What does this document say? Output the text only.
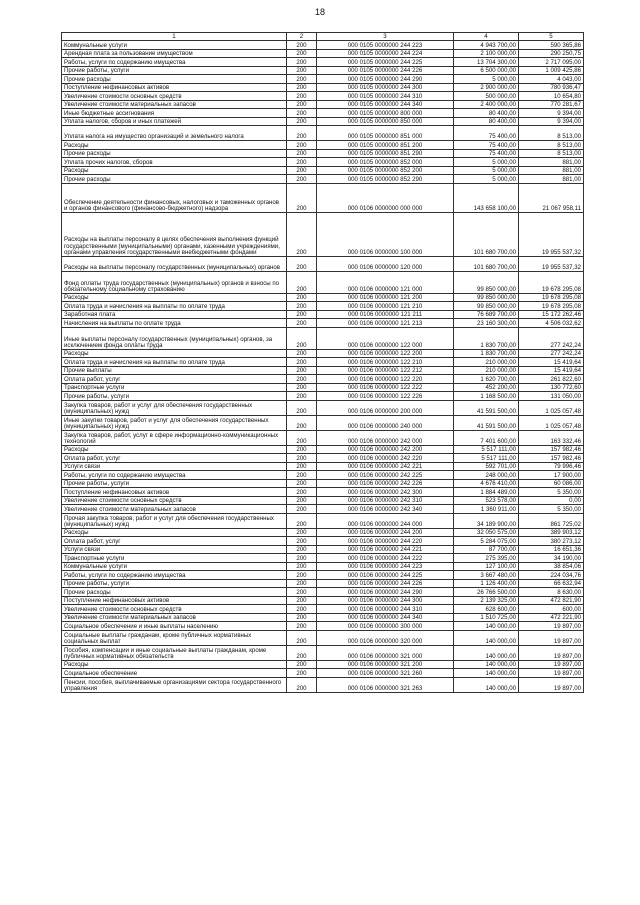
18
1	2	3	4	5
Коммунальные услуги	200	000 0105 0000000 244 223	4 943 700,00	590 365,86
Арендная плата за пользование имуществом	200	000 0105 0000000 244 224	2 100 000,00	290 250,75
Работы, услуги по содержанию имущества	200	000 0105 0000000 244 225	13 704 300,00	2 717 095,00
Прочие работы, услуги	200	000 0105 0000000 244 226	6 500 000,00	1 009 425,86
Прочие расходы	200	000 0105 0000000 244 290	5 000,00	4 043,00
Поступление нефинансовых активов	200	000 0105 0000000 244 300	2 900 000,00	780 936,47
Увеличение стоимости основных средств	200	000 0105 0000000 244 310	500 000,00	10 654,80
Увеличение стоимости материальных запасов	200	000 0105 0000000 244 340	2 400 000,00	770 281,67
Иные бюджетные ассигнования	200	000 0105 0000000 800 000	80 400,00	9 394,00
Уплата налогов, сборов и иных платежей	200	000 0105 0000000 850 000	80 400,00	9 394,00
Уплата налога на имущество организаций и земельного налога	200	000 0105 0000000 851 000	75 400,00	8 513,00
Расходы	200	000 0105 0000000 851 200	75 400,00	8 513,00
Прочие расходы	200	000 0105 0000000 851 290	75 400,00	8 513,00
Уплата прочих налогов, сборов	200	000 0105 0000000 852 000	5 000,00	881,00
Расходы	200	000 0105 0000000 852 200	5 000,00	881,00
Прочие расходы	200	000 0105 0000000 852 290	5 000,00	881,00
Обеспечение деятельности финансовых, налоговых и таможенных органов и органов финансового (финансово-бюджетного) надзора	200	000 0106 0000000 000 000	143 658 100,00	21 067 958,11
Расходы на выплаты персоналу в целях обеспечения выполнения функций государственными (муниципальными) органами, казенными учреждениями, органами управления государственными внебюджетными фондами	200	000 0106 0000000 100 000	101 680 700,00	19 955 537,32
Расходы на выплаты персоналу государственных (муниципальных) органов	200	000 0106 0000000 120 000	101 680 700,00	19 955 537,32
Фонд оплаты труда государственных (муниципальных) органов и взносы по обязательному социальному страхованию	200	000 0106 0000000 121 000	99 850 000,00	19 678 295,08
Расходы	200	000 0106 0000000 121 200	99 850 000,00	19 678 295,08
Оплата труда и начисления на выплаты по оплате труда	200	000 0106 0000000 121 210	99 850 000,00	19 678 295,08
Заработная плата	200	000 0106 0000000 121 211	76 689 700,00	15 172 262,46
Начисления на выплаты по оплате труда	200	000 0106 0000000 121 213	23 160 300,00	4 506 032,62
Иные выплаты персоналу государственных (муниципальных) органов, за исключением фонда оплаты труда	200	000 0106 0000000 122 000	1 830 700,00	277 242,24
Расходы	200	000 0106 0000000 122 200	1 830 700,00	277 242,24
Оплата труда и начисления на выплаты по оплате труда	200	000 0106 0000000 122 210	210 000,00	15 419,64
Прочие выплаты	200	000 0106 0000000 122 212	210 000,00	15 419,64
Оплата работ, услуг	200	000 0106 0000000 122 220	1 620 700,00	261 822,60
Транспортные услуги	200	000 0106 0000000 122 222	452 200,00	130 772,60
Прочие работы, услуги	200	000 0106 0000000 122 226	1 168 500,00	131 050,00
Закупка товаров, работ и услуг для обеспечения государственных (муниципальных) нужд	200	000 0106 0000000 200 000	41 591 500,00	1 025 057,48
Иные закупки товаров, работ и услуг для обеспечения государственных (муниципальных) нужд	200	000 0106 0000000 240 000	41 591 500,00	1 025 057,48
Закупка товаров, работ, услуг в сфере информационно-коммуникационных технологий	200	000 0106 0000000 242 000	7 401 600,00	163 332,46
Расходы	200	000 0106 0000000 242 200	5 517 111,00	157 982,46
Оплата работ, услуг	200	000 0106 0000000 242 220	5 517 111,00	157 982,46
Услуги связи	200	000 0106 0000000 242 221	592 701,00	79 996,46
Работы, услуги по содержанию имущества	200	000 0106 0000000 242 225	248 000,00	17 900,00
Прочие работы, услуги	200	000 0106 0000000 242 226	4 676 410,00	60 086,00
Поступление нефинансовых активов	200	000 0106 0000000 242 300	1 884 489,00	5 350,00
Увеличение стоимости основных средств	200	000 0106 0000000 242 310	523 578,00	0,00
Увеличение стоимости материальных запасов	200	000 0106 0000000 242 340	1 360 911,00	5 350,00
Прочая закупка товаров, работ и услуг для обеспечения государственных (муниципальных) нужд	200	000 0106 0000000 244 000	34 189 900,00	861 725,02
Расходы	200	000 0106 0000000 244 200	32 050 575,00	389 903,12
Оплата работ, услуг	200	000 0106 0000000 244 220	5 284 075,00	380 273,12
Услуги связи	200	000 0106 0000000 244 221	87 700,00	16 651,36
Транспортные услуги	200	000 0106 0000000 244 222	275 395,00	34 190,00
Коммунальные услуги	200	000 0106 0000000 244 223	127 100,00	38 854,06
Работы, услуги по содержанию имущества	200	000 0106 0000000 244 225	3 667 480,00	224 034,76
Прочие работы, услуги	200	000 0106 0000000 244 226	1 126 400,00	66 632,94
Прочие расходы	200	000 0106 0000000 244 290	26 766 500,00	8 630,00
Поступление нефинансовых активов	200	000 0106 0000000 244 300	2 139 325,00	472 821,90
Увеличение стоимости основных средств	200	000 0106 0000000 244 310	628 600,00	600,00
Увеличение стоимости материальных запасов	200	000 0106 0000000 244 340	1 510 725,00	472 221,90
Социальное обеспечение и иные выплаты населению	200	000 0106 0000000 300 000	140 000,00	19 897,00
Социальные выплаты гражданам, кроме публичных нормативных социальных выплат	200	000 0106 0000000 320 000	140 000,00	19 897,00
Пособия, компенсации и иные социальные выплаты гражданам, кроме публичных нормативных обязательств	200	000 0106 0000000 321 000	140 000,00	19 897,00
Расходы	200	000 0106 0000000 321 200	140 000,00	19 897,00
Социальное обеспечение	200	000 0106 0000000 321 260	140 000,00	19 897,00
Пенсии, пособия, выплачиваемые организациями сектора государственного управления	200	000 0106 0000000 321 263	140 000,00	19 897,00
